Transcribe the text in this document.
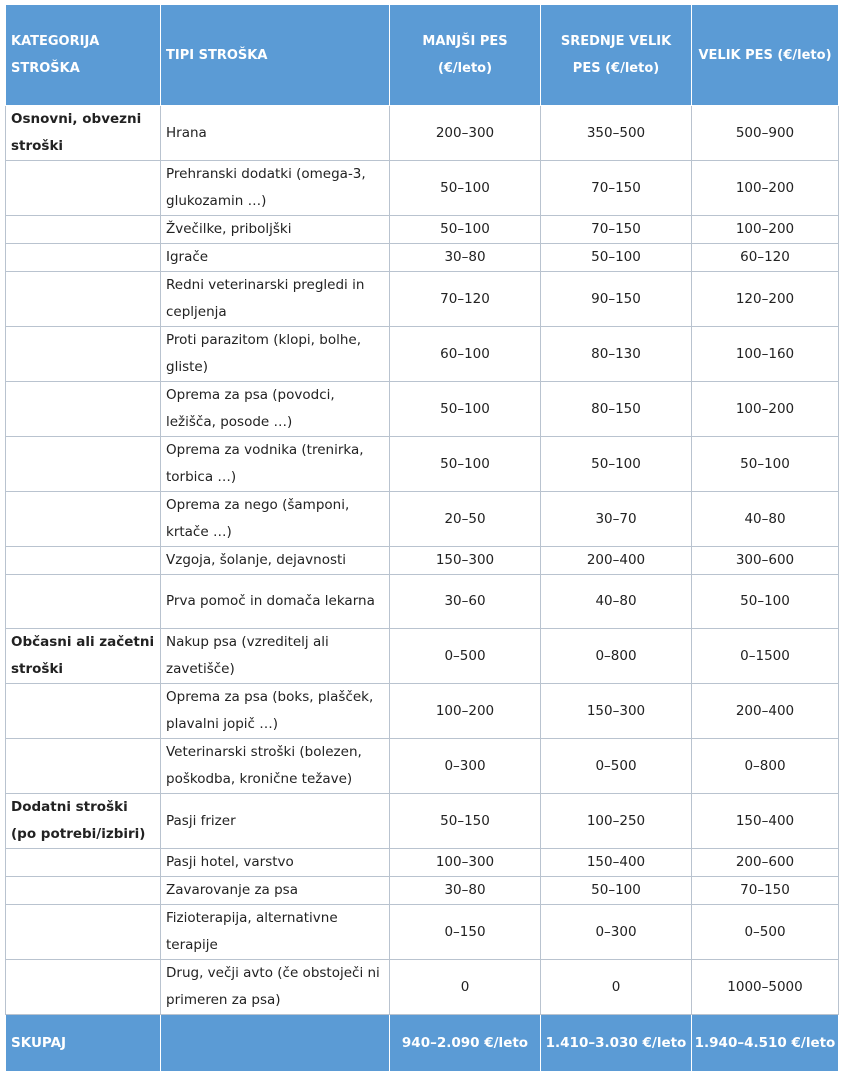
KATEGORIJA STROŠKA	TIPI STROŠKA	MANJŠI PES (€/leto)	SREDNJE VELIK PES (€/leto)	VELIK PES (€/leto)
Osnovni, obvezni stroški	Hrana	200–300	350–500	500–900
	Prehranski dodatki (omega-3, glukozamin …)	50–100	70–150	100–200
	Žvečilke, priboljški	50–100	70–150	100–200
	Igrače	30–80	50–100	60–120
	Redni veterinarski pregledi in cepljenja	70–120	90–150	120–200
	Proti parazitom (klopi, bolhe, gliste)	60–100	80–130	100–160
	Oprema za psa (povodci, ležišča, posode …)	50–100	80–150	100–200
	Oprema za vodnika (trenirka, torbica …)	50–100	50–100	50–100
	Oprema za nego (šamponi, krtače …)	20–50	30–70	40–80
	Vzgoja, šolanje, dejavnosti	150–300	200–400	300–600
	Prva pomoč in domača lekarna	30–60	40–80	50–100
Občasni ali začetni stroški	Nakup psa (vzreditelj ali zavetišče)	0–500	0–800	0–1500
	Oprema za psa (boks, plašček, plavalni jopič …)	100–200	150–300	200–400
	Veterinarski stroški (bolezen, poškodba, kronične težave)	0–300	0–500	0–800
Dodatni stroški (po potrebi/izbiri)	Pasji frizer	50–150	100–250	150–400
	Pasji hotel, varstvo	100–300	150–400	200–600
	Zavarovanje za psa	30–80	50–100	70–150
	Fizioterapija, alternativne terapije	0–150	0–300	0–500
	Drug, večji avto (če obstoječi ni primeren za psa)	0	0	1000–5000
SKUPAJ		940–2.090 €/leto	1.410–3.030 €/leto	1.940–4.510 €/leto
